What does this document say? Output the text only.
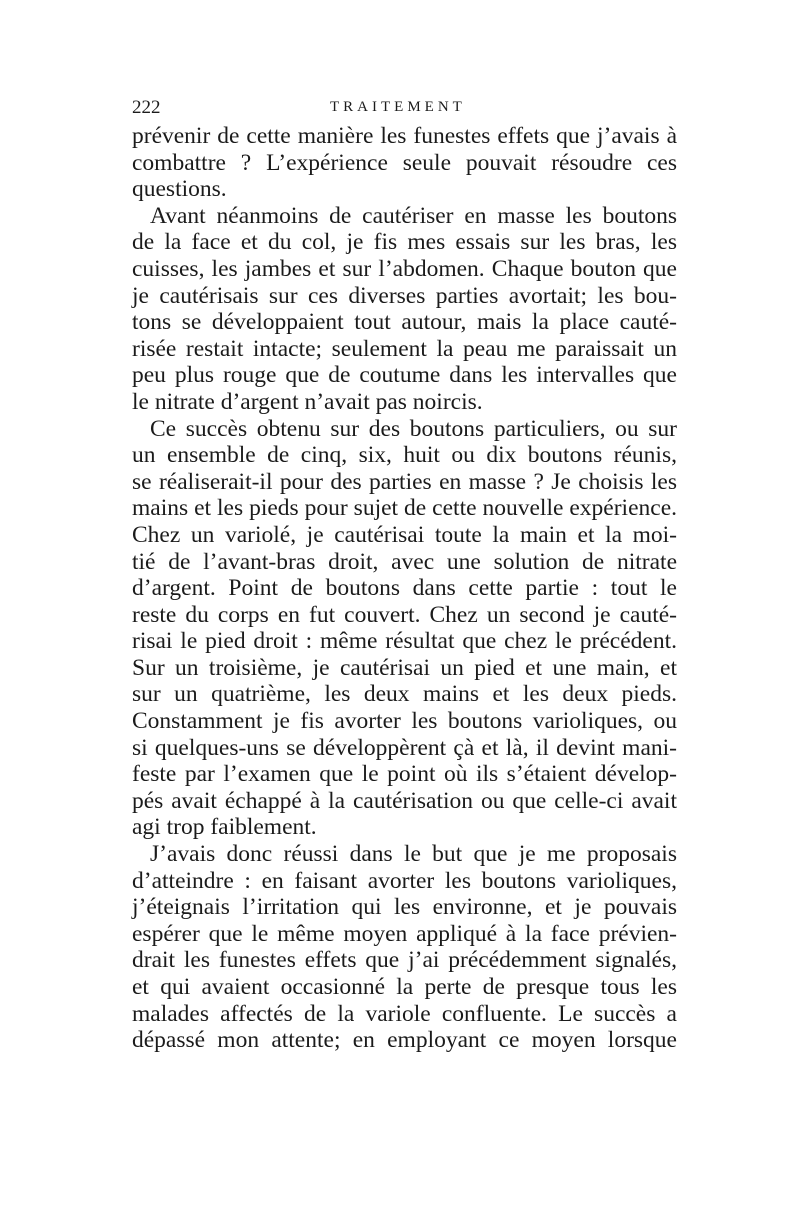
222	TRAITEMENT
prévenir de cette manière les funestes effets que j’avais à
combattre ? L’expérience seule pouvait résoudre ces
questions.
Avant néanmoins de cautériser en masse les boutons
de la face et du col, je fis mes essais sur les bras, les
cuisses, les jambes et sur l’abdomen. Chaque bouton que
je cautérisais sur ces diverses parties avortait; les bou-
tons se développaient tout autour, mais la place cauté-
risée restait intacte; seulement la peau me paraissait un
peu plus rouge que de coutume dans les intervalles que
le nitrate d’argent n’avait pas noircis.
Ce succès obtenu sur des boutons particuliers, ou sur
un ensemble de cinq, six, huit ou dix boutons réunis,
se réaliserait-il pour des parties en masse ? Je choisis les
mains et les pieds pour sujet de cette nouvelle expérience.
Chez un variolé, je cautérisai toute la main et la moi-
tié de l’avant-bras droit, avec une solution de nitrate
d’argent. Point de boutons dans cette partie : tout le
reste du corps en fut couvert. Chez un second je cauté-
risai le pied droit : même résultat que chez le précédent.
Sur un troisième, je cautérisai un pied et une main, et
sur un quatrième, les deux mains et les deux pieds.
Constamment je fis avorter les boutons varioliques, ou
si quelques-uns se développèrent çà et là, il devint mani-
feste par l’examen que le point où ils s’étaient dévelop-
pés avait échappé à la cautérisation ou que celle-ci avait
agi trop faiblement.
J’avais donc réussi dans le but que je me proposais
d’atteindre : en faisant avorter les boutons varioliques,
j’éteignais l’irritation qui les environne, et je pouvais
espérer que le même moyen appliqué à la face prévien-
drait les funestes effets que j’ai précédemment signalés,
et qui avaient occasionné la perte de presque tous les
malades affectés de la variole confluente. Le succès a
dépassé mon attente; en employant ce moyen lorsque
